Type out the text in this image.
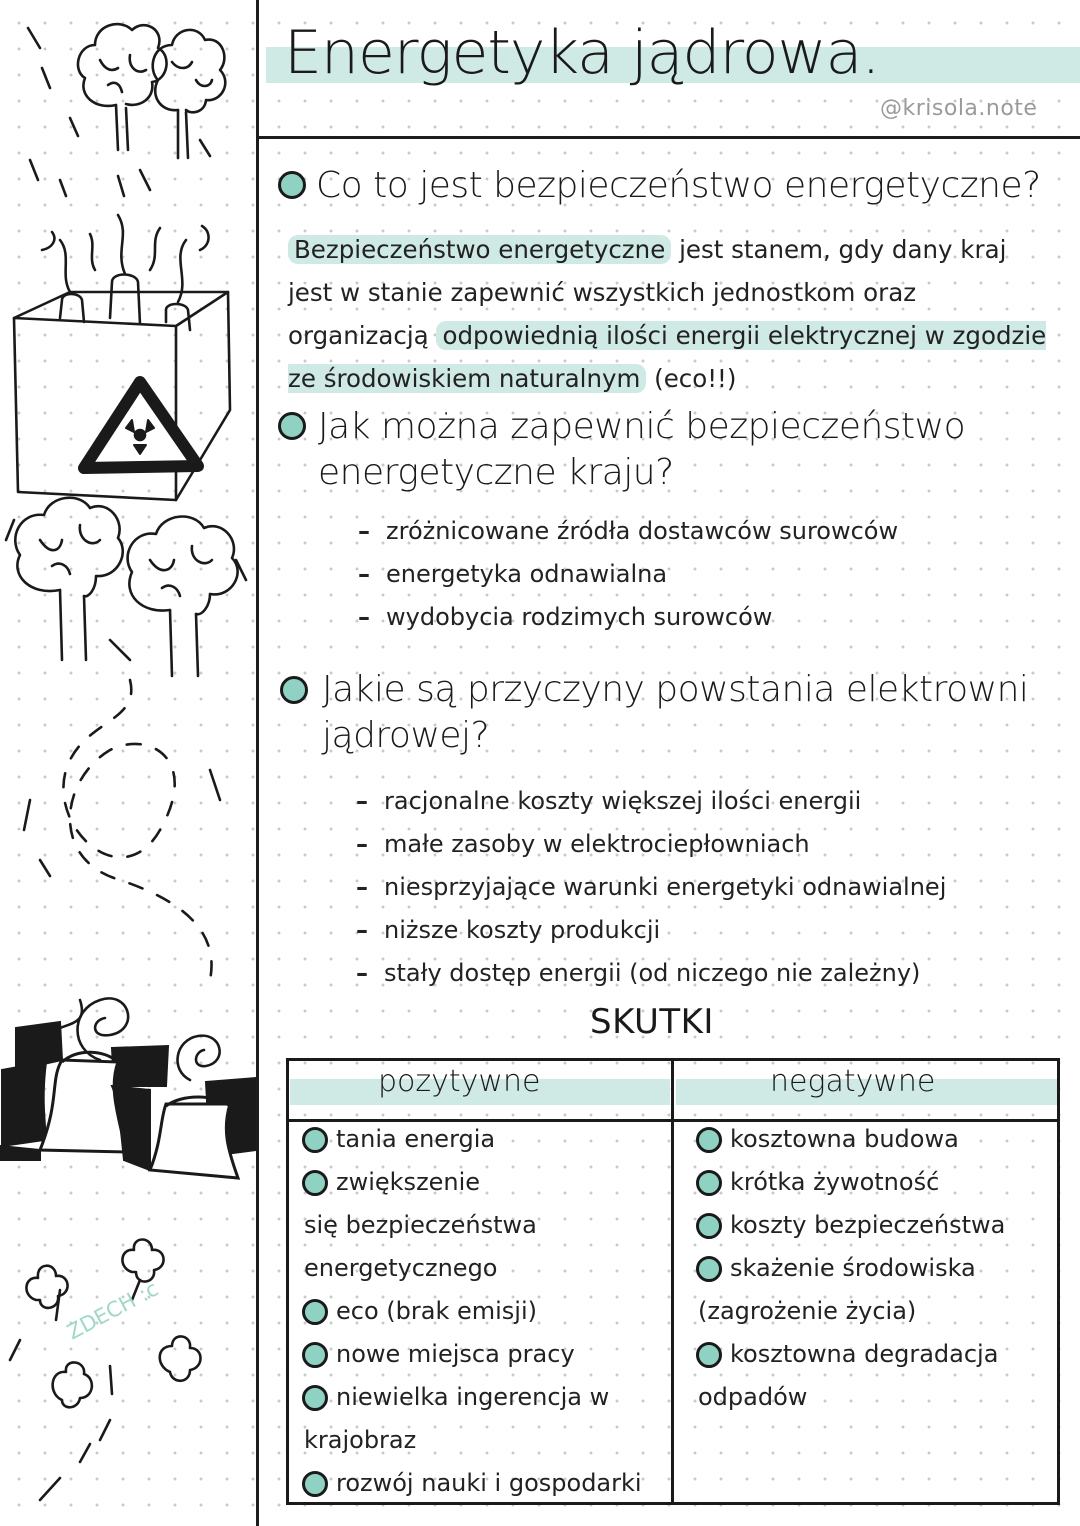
ZDECH :c
Energetyka jądrowa.
@krisola.note
Co to jest bezpieczeństwo energetyczne?
Bezpieczeństwo energetyczne jest stanem, gdy dany kraj jest w stanie zapewnić wszystkich jednostkom oraz organizacją odpowiednią ilości energii elektrycznej w zgodzie ze środowiskiem naturalnym (eco!!)
Jak można zapewnić bezpieczeństwo
energetyczne kraju?
– zróżnicowane źródła dostawców surowców
– energetyka odnawialna
– wydobycia rodzimych surowców
Jakie są przyczyny powstania elektrowni
jądrowej?
– racjonalne koszty większej ilości energii
– małe zasoby w elektrociepłowniach
– niesprzyjające warunki energetyki odnawialnej
– niższe koszty produkcji
– stały dostęp energii (od niczego nie zależny)
SKUTKI
pozytywne	negatywne
tania energia
zwiększenie
się bezpieczeństwa
energetycznego
eco (brak emisji)
nowe miejsca pracy
niewielka ingerencja w
krajobraz
rozwój nauki i gospodarki
kosztowna budowa
krótka żywotność
koszty bezpieczeństwa
skażenie środowiska
(zagrożenie życia)
kosztowna degradacja
odpadów
